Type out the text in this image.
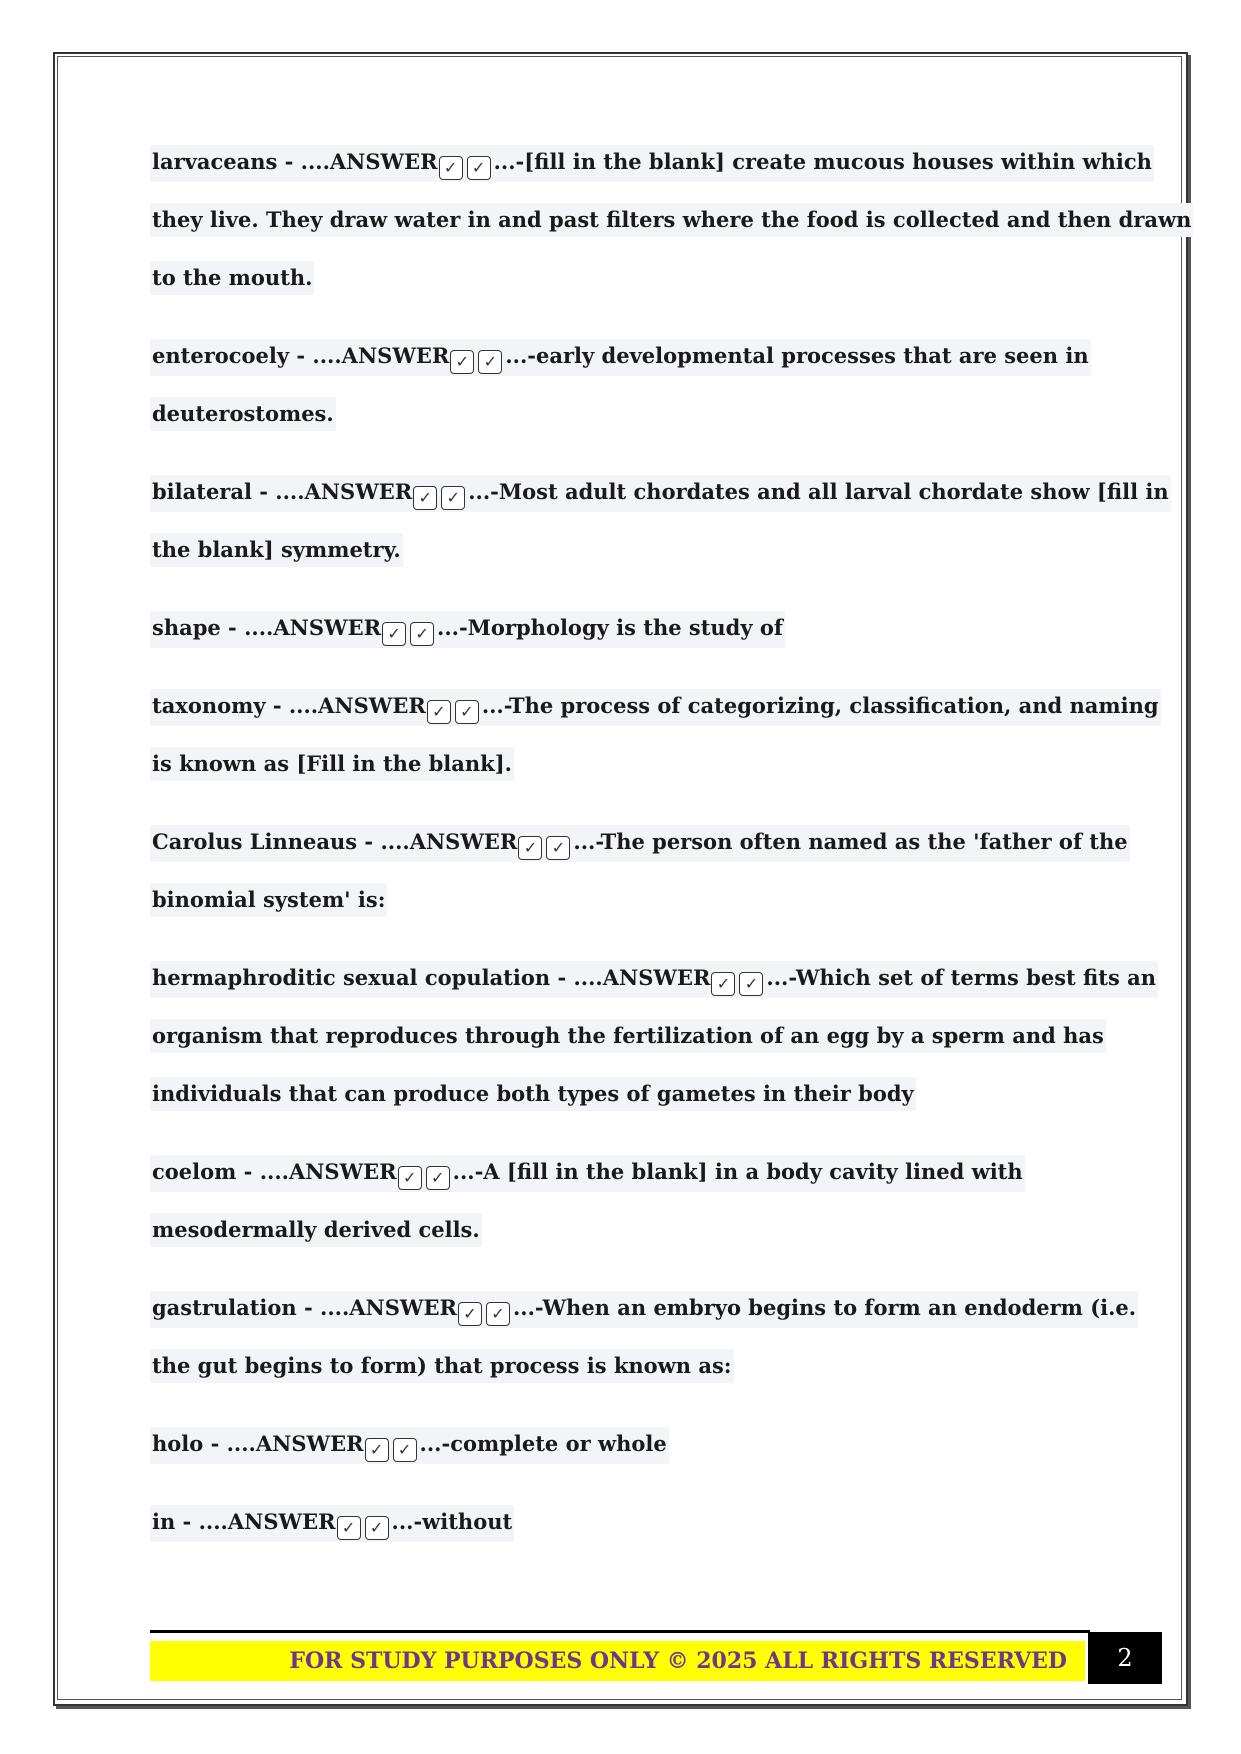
larvaceans - ....ANSWER ✓ ✓ ...-[fill in the blank] create mucous houses within which
they live. They draw water in and past filters where the food is collected and then drawn
to the mouth.
enterocoely - ....ANSWER ✓ ✓ ...-early developmental processes that are seen in
deuterostomes.
bilateral - ....ANSWER ✓ ✓ ...-Most adult chordates and all larval chordate show [fill in
the blank] symmetry.
shape - ....ANSWER ✓ ✓ ...-Morphology is the study of
taxonomy - ....ANSWER ✓ ✓ ...-The process of categorizing, classification, and naming
is known as [Fill in the blank].
Carolus Linneaus - ....ANSWER ✓ ✓ ...-The person often named as the 'father of the
binomial system' is:
hermaphroditic sexual copulation - ....ANSWER ✓ ✓ ...-Which set of terms best fits an
organism that reproduces through the fertilization of an egg by a sperm and has
individuals that can produce both types of gametes in their body
coelom - ....ANSWER ✓ ✓ ...-A [fill in the blank] in a body cavity lined with
mesodermally derived cells.
gastrulation - ....ANSWER ✓ ✓ ...-When an embryo begins to form an endoderm (i.e.
the gut begins to form) that process is known as:
holo - ....ANSWER ✓ ✓ ...-complete or whole
in - ....ANSWER ✓ ✓ ...-without
FOR STUDY PURPOSES ONLY © 2025 ALL RIGHTS RESERVED	2
